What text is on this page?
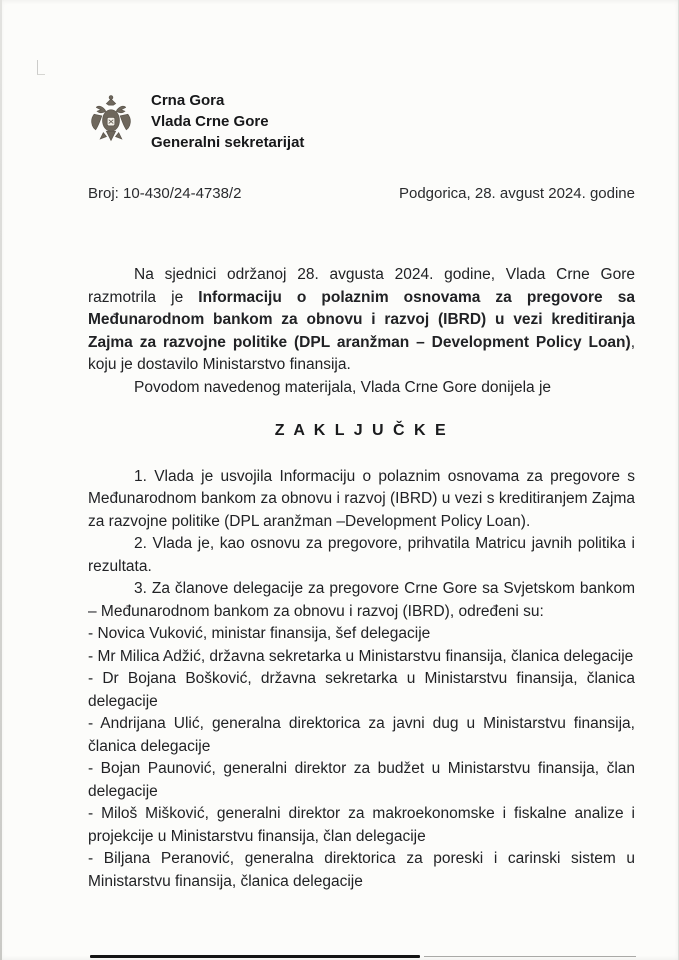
Crna Gora
Vlada Crne Gore
Generalni sekretarijat
Broj: 10-430/24-4738/2	Podgorica, 28. avgust 2024. godine

Na sjednici održanoj 28. avgusta 2024. godine, Vlada Crne Gore razmotrila je Informaciju o polaznim osnovama za pregovore sa Međunarodnom bankom za obnovu i razvoj (IBRD) u vezi kreditiranja Zajma za razvojne politike (DPL aranžman – Development Policy Loan), koju je dostavilo Ministarstvo finansija.

Povodom navedenog materijala, Vlada Crne Gore donijela je

Z A K L J U Č K E

1. Vlada je usvojila Informaciju o polaznim osnovama za pregovore s Međunarodnom bankom za obnovu i razvoj (IBRD) u vezi s kreditiranjem Zajma za razvojne politike (DPL aranžman –Development Policy Loan).

2. Vlada je, kao osnovu za pregovore, prihvatila Matricu javnih politika i rezultata.

3. Za članove delegacije za pregovore Crne Gore sa Svjetskom bankom – Međunarodnom bankom za obnovu i razvoj (IBRD), određeni su:

- Novica Vuković, ministar finansija, šef delegacije

- Mr Milica Adžić, državna sekretarka u Ministarstvu finansija, članica delegacije

- Dr Bojana Bošković, državna sekretarka u Ministarstvu finansija, članica delegacije

- Andrijana Ulić, generalna direktorica za javni dug u Ministarstvu finansija, članica delegacije

- Bojan Paunović, generalni direktor za budžet u Ministarstvu finansija, član delegacije

- Miloš Mišković, generalni direktor za makroekonomske i fiskalne analize i projekcije u Ministarstvu finansija, član delegacije

- Biljana Peranović, generalna direktorica za poreski i carinski sistem u Ministarstvu finansija, članica delegacije
